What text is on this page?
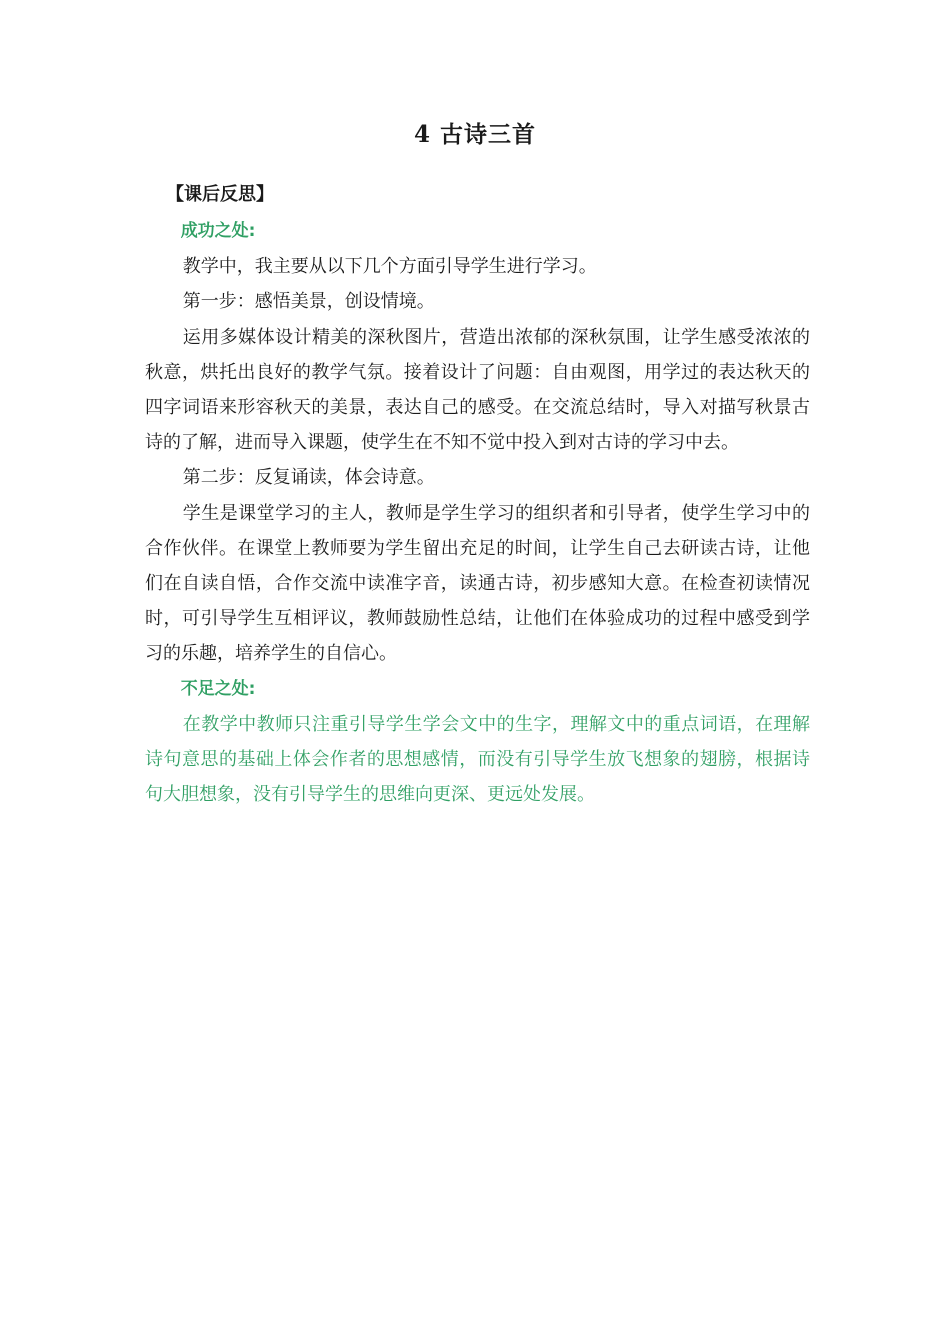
4 古诗三首
【课后反思】

成功之处:

教学中，我主要从以下几个方面引导学生进行学习。

第一步：感悟美景，创设情境。

运用多媒体设计精美的深秋图片，营造出浓郁的深秋氛围，让学生感受浓浓的秋意，烘托出良好的教学气氛。接着设计了问题：自由观图，用学过的表达秋天的四字词语来形容秋天的美景，表达自己的感受。在交流总结时，导入对描写秋景古诗的了解，进而导入课题，使学生在不知不觉中投入到对古诗的学习中去。

第二步：反复诵读，体会诗意。

学生是课堂学习的主人，教师是学生学习的组织者和引导者，使学生学习中的合作伙伴。在课堂上教师要为学生留出充足的时间，让学生自己去研读古诗，让他们在自读自悟，合作交流中读准字音，读通古诗，初步感知大意。在检查初读情况时，可引导学生互相评议，教师鼓励性总结，让他们在体验成功的过程中感受到学习的乐趣，培养学生的自信心。

不足之处:

在教学中教师只注重引导学生学会文中的生字，理解文中的重点词语，在理解诗句意思的基础上体会作者的思想感情，而没有引导学生放飞想象的翅膀，根据诗句大胆想象，没有引导学生的思维向更深、更远处发展。
